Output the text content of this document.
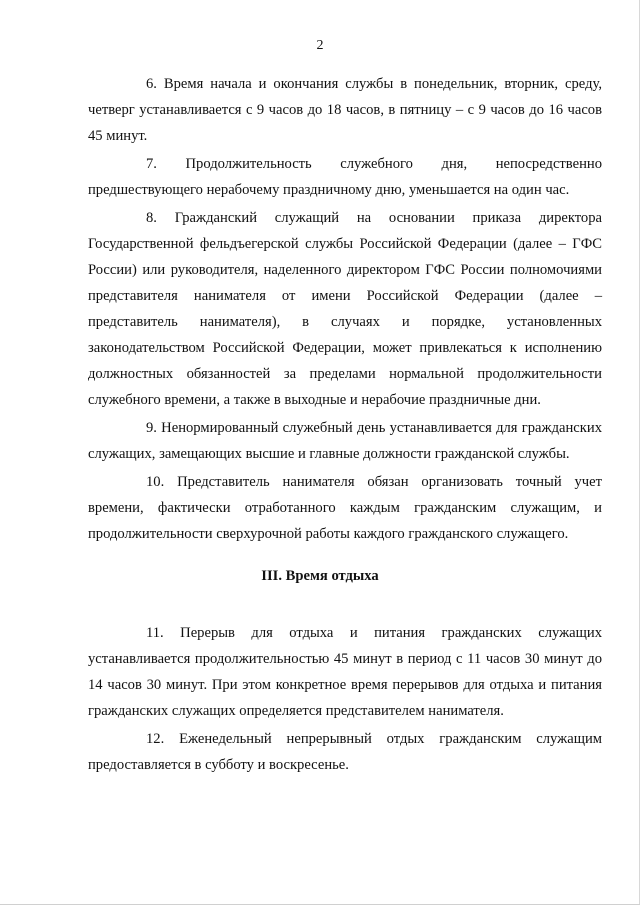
2

6. Время начала и окончания службы в понедельник, вторник, среду, четверг устанавливается с 9 часов до 18 часов, в пятницу – с 9 часов до 16 часов 45 минут.

7. Продолжительность служебного дня, непосредственно предшествующего нерабочему праздничному дню, уменьшается на один час.

8. Гражданский служащий на основании приказа директора Государственной фельдъегерской службы Российской Федерации (далее – ГФС России) или руководителя, наделенного директором ГФС России полномочиями представителя нанимателя от имени Российской Федерации (далее – представитель нанимателя), в случаях и порядке, установленных законодательством Российской Федерации, может привлекаться к исполнению должностных обязанностей за пределами нормальной продолжительности служебного времени, а также в выходные и нерабочие праздничные дни.

9. Ненормированный служебный день устанавливается для гражданских служащих, замещающих высшие и главные должности гражданской службы.

10. Представитель нанимателя обязан организовать точный учет времени, фактически отработанного каждым гражданским служащим, и продолжительности сверхурочной работы каждого гражданского служащего.

III. Время отдыха

11. Перерыв для отдыха и питания гражданских служащих устанавливается продолжительностью 45 минут в период с 11 часов 30 минут до 14 часов 30 минут. При этом конкретное время перерывов для отдыха и питания гражданских служащих определяется представителем нанимателя.

12. Еженедельный непрерывный отдых гражданским служащим предоставляется в субботу и воскресенье.
